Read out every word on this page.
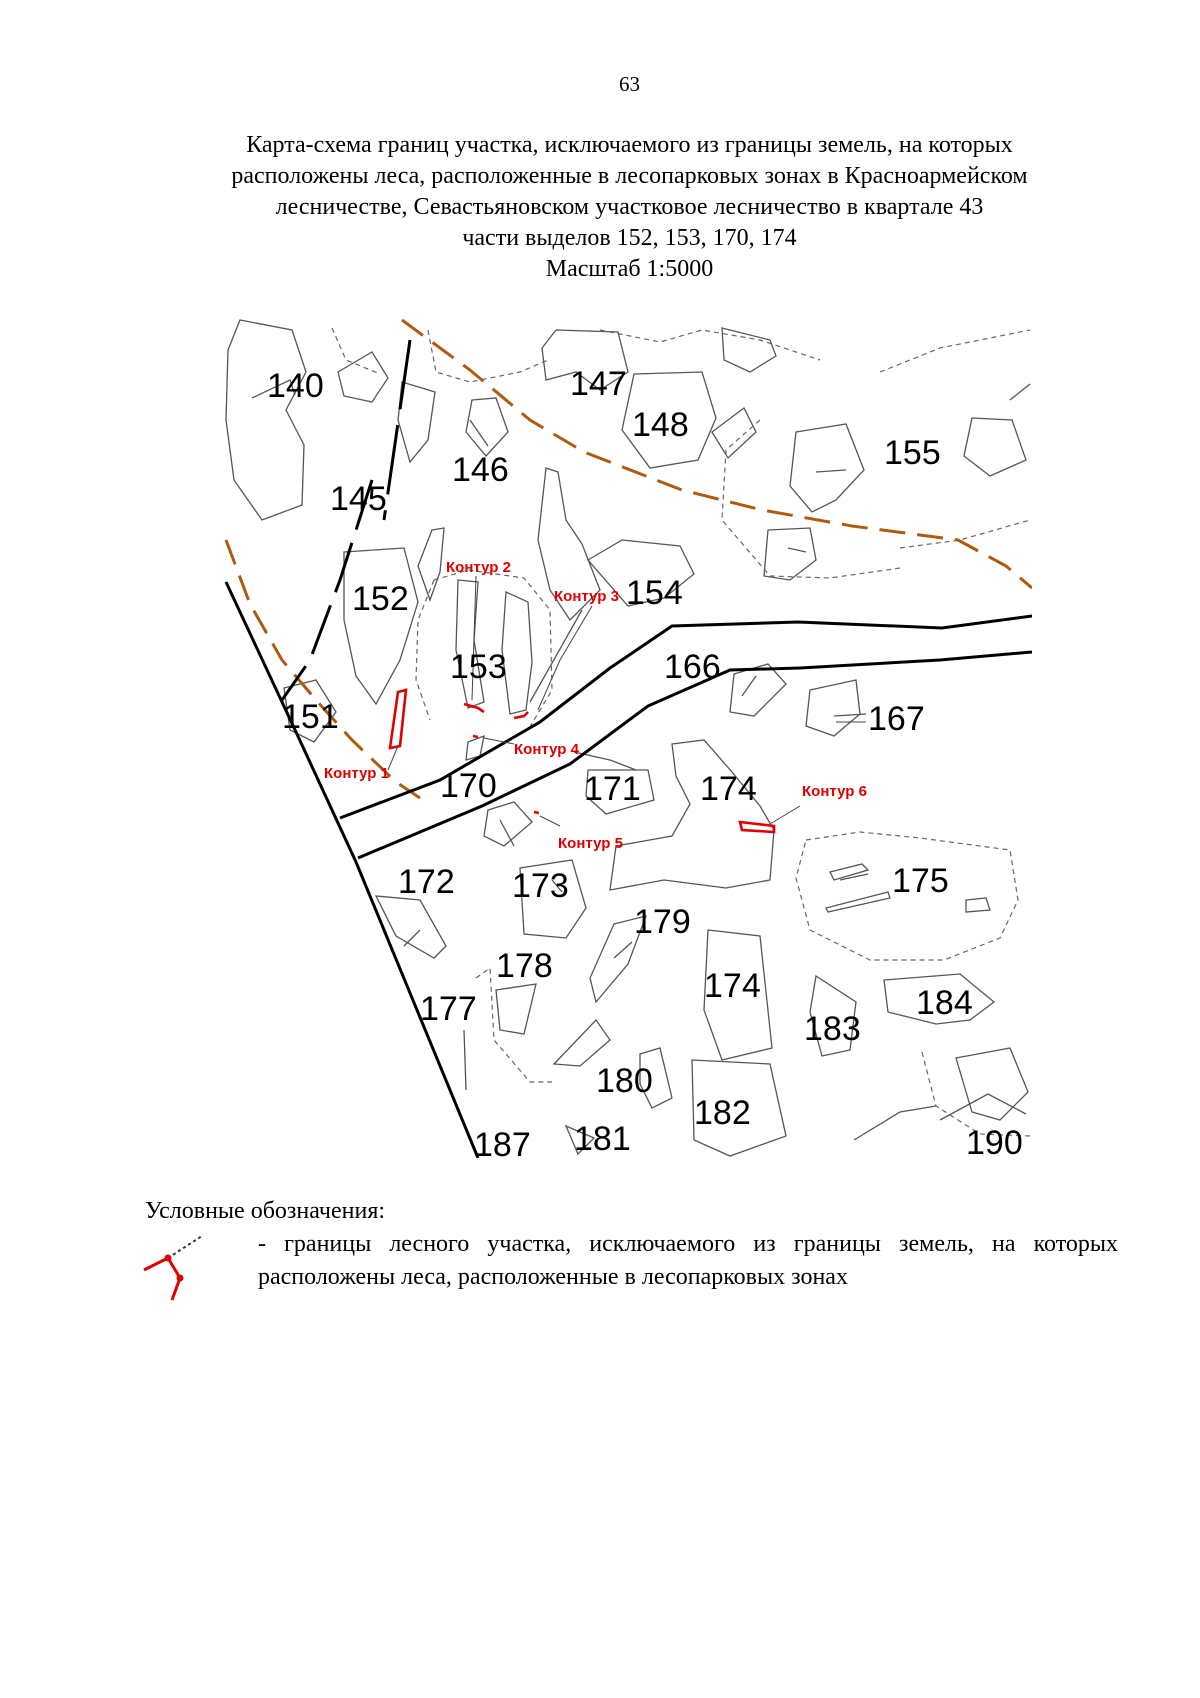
63
Карта-схема границ участка, исключаемого из границы земель, на которых
расположены леса, расположенные в лесопарковых зонах в Красноармейском
лесничестве, Севастьяновском участковое лесничество в квартале 43
части выделов 152, 153, 170, 174
Масштаб 1:5000
140	147
148
146
145
155
152	154
153	166
151	167
170	171 174
172 173	175
179
178
174
177	184
183
180
182
187 181	190
Контур 2
Контур 3
Контур 4
Контур 1
Контур 6
Контур 5
Условные обозначения:
- границы лесного участка, исключаемого из границы земель, на которых расположены леса, расположенные в лесопарковых зонах
